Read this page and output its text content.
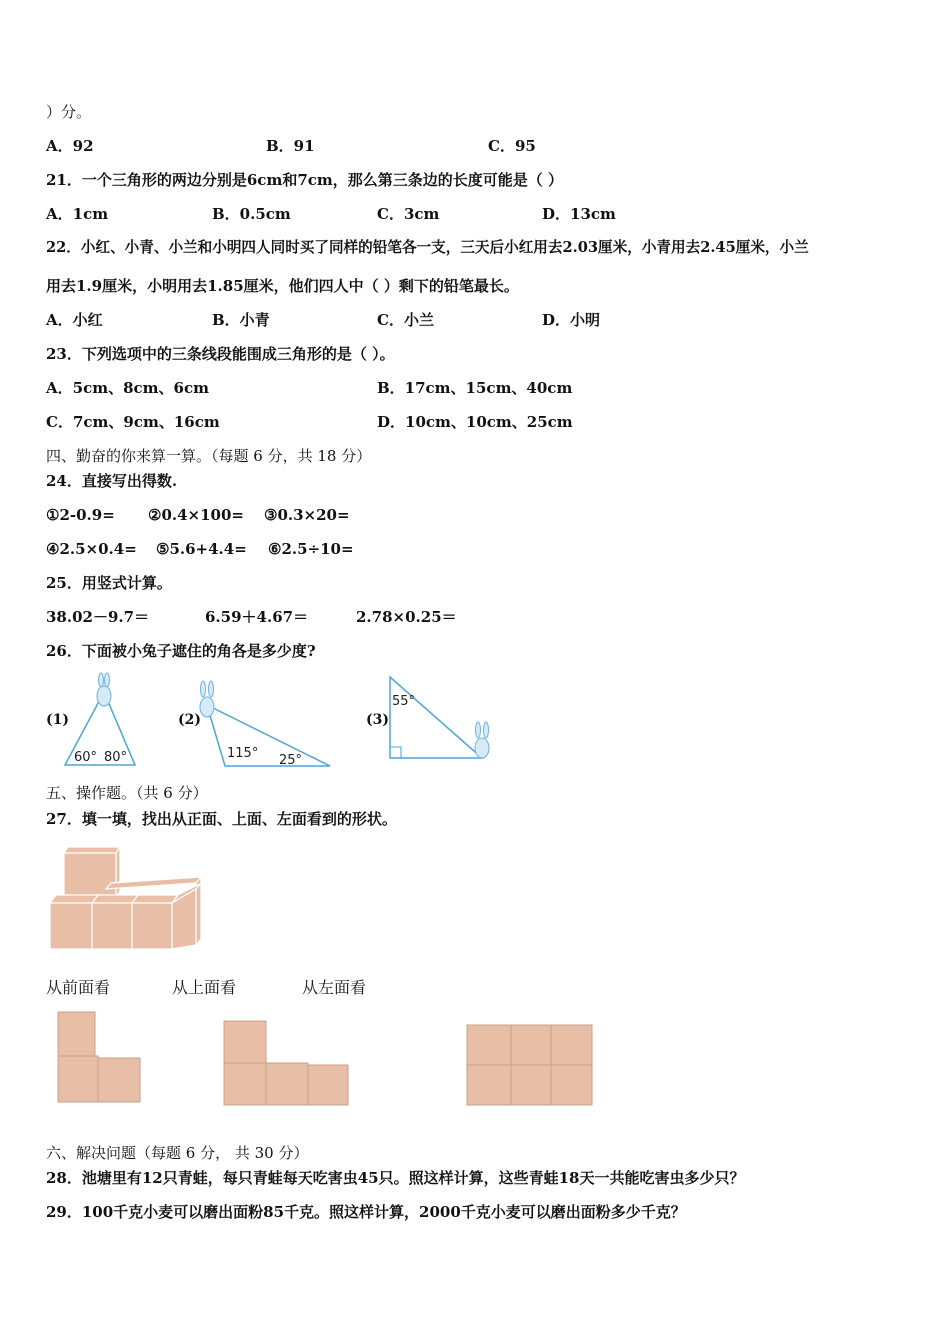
）分。
A．92	B．91	C．95
21．一个三角形的两边分别是6cm和7cm，那么第三条边的长度可能是（ ）
A．1cm	B．0.5cm	C．3cm	D．13cm
22．小红、小青、小兰和小明四人同时买了同样的铅笔各一支，三天后小红用去2.03厘米，小青用去2.45厘米，小兰
用去1.9厘米，小明用去1.85厘米，他们四人中（ ）剩下的铅笔最长。
A．小红	B．小青	C．小兰	D．小明
23．下列选项中的三条线段能围成三角形的是（ ）。
A．5cm、8cm、6cm	B．17cm、15cm、40cm
C．7cm、9cm、16cm	D．10cm、10cm、25cm
四、勤奋的你来算一算。（每题 6 分，共 18 分）
24．直接写出得数.
①2-0.9= ②0.4×100= ③0.3×20=
④2.5×0.4= ⑤5.6+4.4= ⑥2.5÷10=
25．用竖式计算。
38.02－9.7＝	6.59＋4.67＝	2.78×0.25＝
26．下面被小兔子遮住的角各是多少度?
(1)
60° 80°
(2)
115° 25°
(3)
55°
五、操作题。（共 6 分）
27．填一填，找出从正面、上面、左面看到的形状。
从前面看	从上面看	从左面看
六、解决问题（每题 6 分， 共 30 分）
28．池塘里有12只青蛙，每只青蛙每天吃害虫45只。照这样计算，这些青蛙18天一共能吃害虫多少只？
29．100千克小麦可以磨出面粉85千克。照这样计算，2000千克小麦可以磨出面粉多少千克？
